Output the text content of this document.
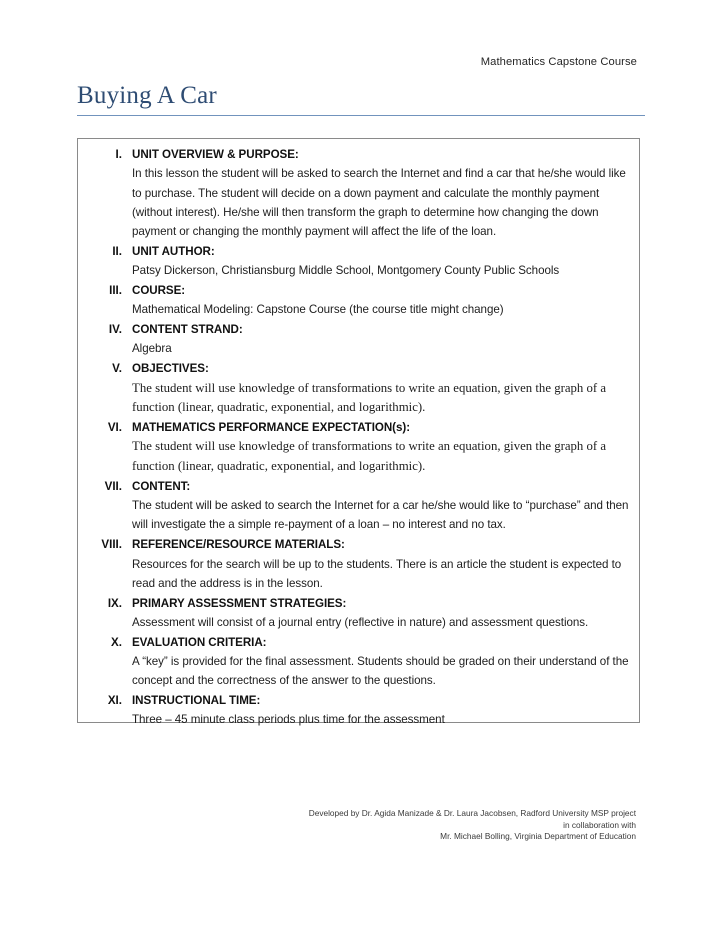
Mathematics Capstone Course
Buying A Car
I. UNIT OVERVIEW & PURPOSE:
In this lesson the student will be asked to search the Internet and find a car that he/she would like to purchase. The student will decide on a down payment and calculate the monthly payment (without interest). He/she will then transform the graph to determine how changing the down payment or changing the monthly payment will affect the life of the loan.
II. UNIT AUTHOR:
Patsy Dickerson, Christiansburg Middle School, Montgomery County Public Schools
III. COURSE:
Mathematical Modeling: Capstone Course (the course title might change)
IV. CONTENT STRAND:
Algebra
V. OBJECTIVES:
The student will use knowledge of transformations to write an equation, given the graph of a function (linear, quadratic, exponential, and logarithmic).
VI. MATHEMATICS PERFORMANCE EXPECTATION(s):
The student will use knowledge of transformations to write an equation, given the graph of a function (linear, quadratic, exponential, and logarithmic).
VII. CONTENT:
The student will be asked to search the Internet for a car he/she would like to “purchase” and then will investigate the a simple re-payment of a loan – no interest and no tax.
VIII. REFERENCE/RESOURCE MATERIALS:
Resources for the search will be up to the students. There is an article the student is expected to read and the address is in the lesson.
IX. PRIMARY ASSESSMENT STRATEGIES:
Assessment will consist of a journal entry (reflective in nature) and assessment questions.
X. EVALUATION CRITERIA:
A “key” is provided for the final assessment. Students should be graded on their understand of the concept and the correctness of the answer to the questions.
XI. INSTRUCTIONAL TIME:
Three – 45 minute class periods plus time for the assessment
Developed by Dr. Agida Manizade & Dr. Laura Jacobsen, Radford University MSP project
in collaboration with
Mr. Michael Bolling, Virginia Department of Education
